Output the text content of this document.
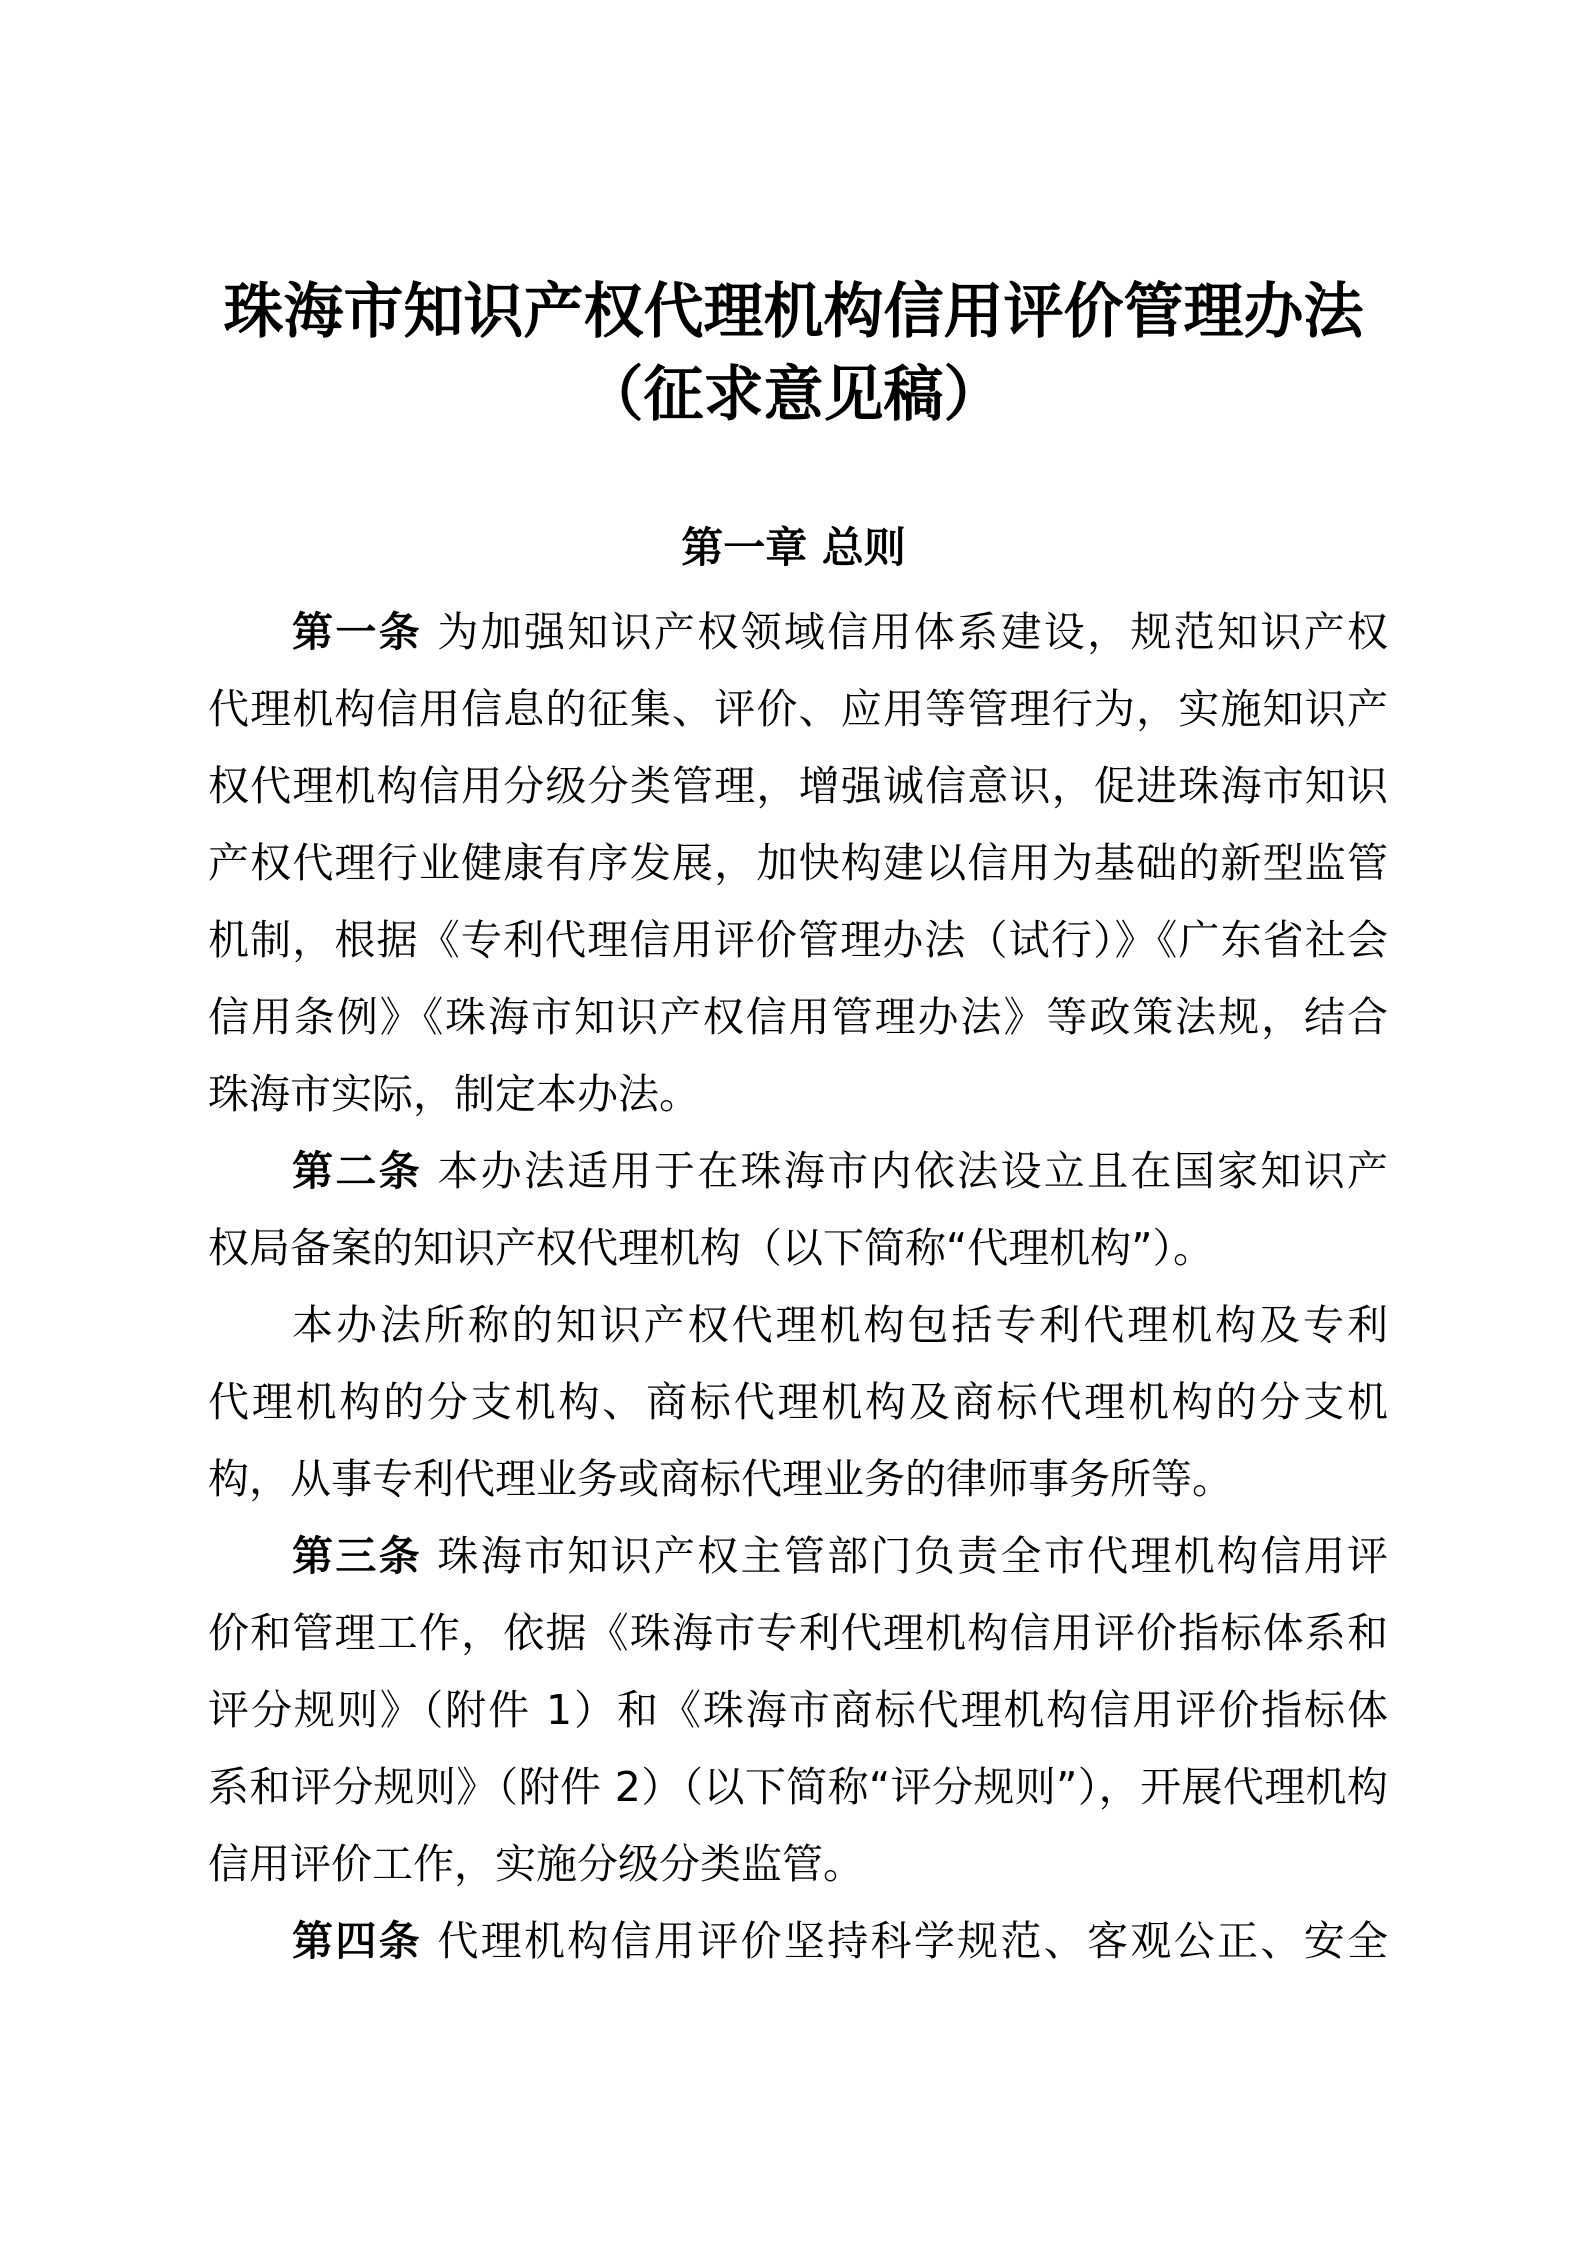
珠海市知识产权代理机构信用评价管理办法
（征求意见稿）
第一章 总则

第一条 为加强知识产权领域信用体系建设，规范知识产权

代理机构信用信息的征集、评价、应用等管理行为，实施知识产

权代理机构信用分级分类管理，增强诚信意识，促进珠海市知识

产权代理行业健康有序发展，加快构建以信用为基础的新型监管

机制，根据《专利代理信用评价管理办法（试行）》《广东省社会

信用条例》《珠海市知识产权信用管理办法》等政策法规，结合

珠海市实际，制定本办法。

第二条 本办法适用于在珠海市内依法设立且在国家知识产

权局备案的知识产权代理机构（以下简称“代理机构”）。

本办法所称的知识产权代理机构包括专利代理机构及专利

代理机构的分支机构、商标代理机构及商标代理机构的分支机

构，从事专利代理业务或商标代理业务的律师事务所等。

第三条 珠海市知识产权主管部门负责全市代理机构信用评

价和管理工作，依据《珠海市专利代理机构信用评价指标体系和

评分规则》（附件 1）和《珠海市商标代理机构信用评价指标体

系和评分规则》（附件 2）（以下简称“评分规则”），开展代理机构

信用评价工作，实施分级分类监管。

第四条 代理机构信用评价坚持科学规范、客观公正、安全
